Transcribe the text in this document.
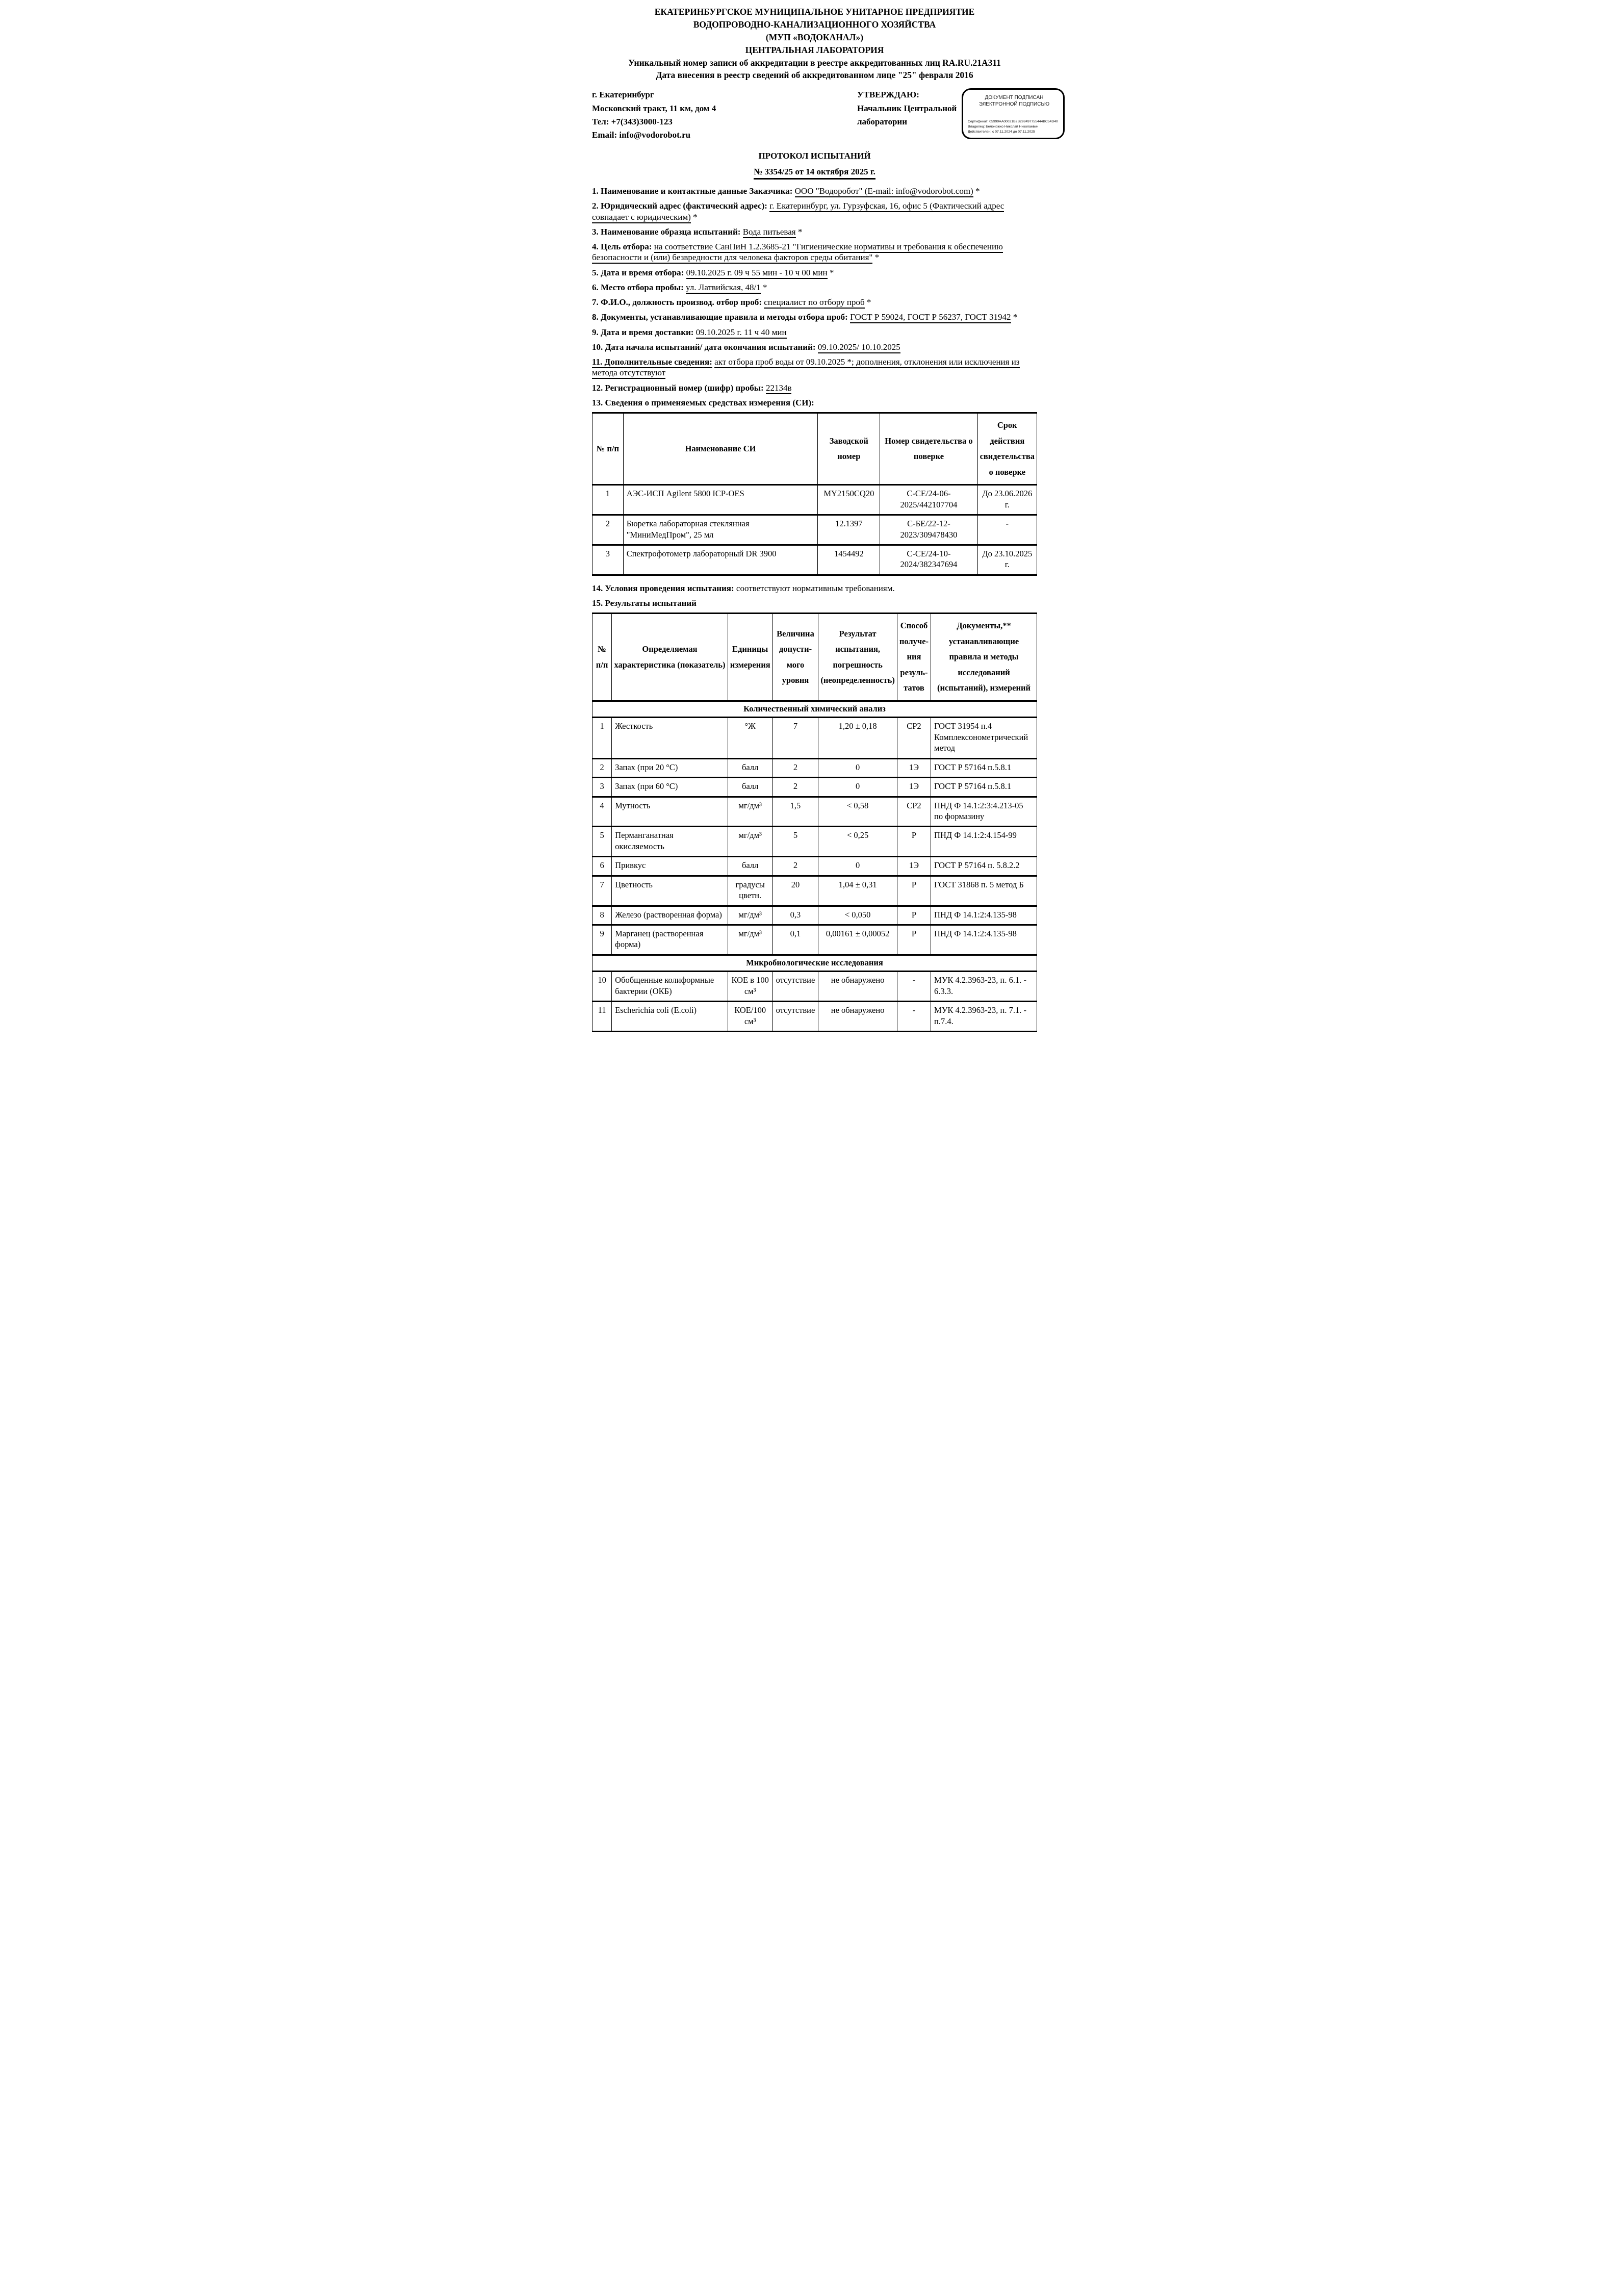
ЕКАТЕРИНБУРГСКОЕ МУНИЦИПАЛЬНОЕ УНИТАРНОЕ ПРЕДПРИЯТИЕ
ВОДОПРОВОДНО-КАНАЛИЗАЦИОННОГО ХОЗЯЙСТВА
(МУП «ВОДОКАНАЛ»)
ЦЕНТРАЛЬНАЯ ЛАБОРАТОРИЯ
Уникальный номер записи об аккредитации в реестре аккредитованных лиц RA.RU.21А311
Дата внесения в реестр сведений об аккредитованном лице "25" февраля 2016
г. Екатеринбург
Московский тракт, 11 км, дом 4
Тел: +7(343)3000-123
Email: info@vodorobot.ru
УТВЕРЖДАЮ:
Начальник Центральной
лаборатории
ДОКУМЕНТ ПОДПИСАН
ЭЛЕКТРОННОЙ ПОДПИСЬЮ
Сертификат: 05999AA00021B2B298497755444BC54D40
Владелец: Белоножко Николай Николаевич
Действителен: с 07.11.2024 до 07.11.2025
ПРОТОКОЛ ИСПЫТАНИЙ
№ 3354/25 от 14 октября 2025 г.

1. Наименование и контактные данные Заказчика: ООО "Водоробот" (E-mail: info@vodorobot.com) *

2. Юридический адрес (фактический адрес): г. Екатеринбург, ул. Гурзуфская, 16, офис 5 (Фактический адрес совпадает с юридическим) *

3. Наименование образца испытаний: Вода питьевая *

4. Цель отбора: на соответствие СанПиН 1.2.3685-21 "Гигиенические нормативы и требования к обеспечению безопасности и (или) безвредности для человека факторов среды обитания" *

5. Дата и время отбора: 09.10.2025 г. 09 ч 55 мин - 10 ч 00 мин *

6. Место отбора пробы: ул. Латвийская, 48/1 *

7. Ф.И.О., должность производ. отбор проб: специалист по отбору проб *

8. Документы, устанавливающие правила и методы отбора проб: ГОСТ Р 59024, ГОСТ Р 56237, ГОСТ 31942 *

9. Дата и время доставки: 09.10.2025 г. 11 ч 40 мин

10. Дата начала испытаний/ дата окончания испытаний: 09.10.2025/ 10.10.2025

11. Дополнительные сведения: акт отбора проб воды от 09.10.2025 *; дополнения, отклонения или исключения из метода отсутствуют

12. Регистрационный номер (шифр) пробы: 22134в

13. Сведения о применяемых средствах измерения (СИ):

№ п/п	Наименование СИ	Заводской номер	Номер свидетельства о поверке	Срок действия свидетельства о поверке
1	АЭС-ИСП Agilent 5800 ICP-OES	MY2150CQ20	С-СЕ/24-06-2025/442107704	До 23.06.2026 г.
2	Бюретка лабораторная стеклянная "МиниМедПром", 25 мл	12.1397	С-БЕ/22-12-2023/309478430	-
3	Спектрофотометр лабораторный DR 3900	1454492	С-СЕ/24-10-2024/382347694	До 23.10.2025 г.

14. Условия проведения испытания: соответствуют нормативным требованиям.

15. Результаты испытаний

№ п/п	Определяемая характеристика (показатель)	Единицы измерения	Величина допусти- мого уровня	Результат испытания, погрешность (неопределенность)	Способ получе- ния резуль- татов	Документы,** устанавливающие правила и методы исследований (испытаний), измерений
Количественный химический анализ						
1	Жесткость	°Ж	7	1,20 ± 0,18	СР2	ГОСТ 31954 п.4 Комплексонометрический метод
2	Запах (при 20 °С)	балл	2	0	1Э	ГОСТ Р 57164 п.5.8.1
3	Запах (при 60 °С)	балл	2	0	1Э	ГОСТ Р 57164 п.5.8.1
4	Мутность	мг/дм³	1,5	< 0,58	СР2	ПНД Ф 14.1:2:3:4.213-05 по формазину
5	Перманганатная окисляемость	мг/дм³	5	< 0,25	Р	ПНД Ф 14.1:2:4.154-99
6	Привкус	балл	2	0	1Э	ГОСТ Р 57164 п. 5.8.2.2
7	Цветность	градусы цветн.	20	1,04 ± 0,31	Р	ГОСТ 31868 п. 5 метод Б
8	Железо (растворенная форма)	мг/дм³	0,3	< 0,050	Р	ПНД Ф 14.1:2:4.135-98
9	Марганец (растворенная форма)	мг/дм³	0,1	0,00161 ± 0,00052	Р	ПНД Ф 14.1:2:4.135-98
Микробиологические исследования						
10	Обобщенные колиформные бактерии (ОКБ)	КОЕ в 100 см³	отсутствие	не обнаружено	-	МУК 4.2.3963-23, п. 6.1. - 6.3.3.
11	Escherichia coli (E.coli)	КОЕ/100 см³	отсутствие	не обнаружено	-	МУК 4.2.3963-23, п. 7.1. - п.7.4.
